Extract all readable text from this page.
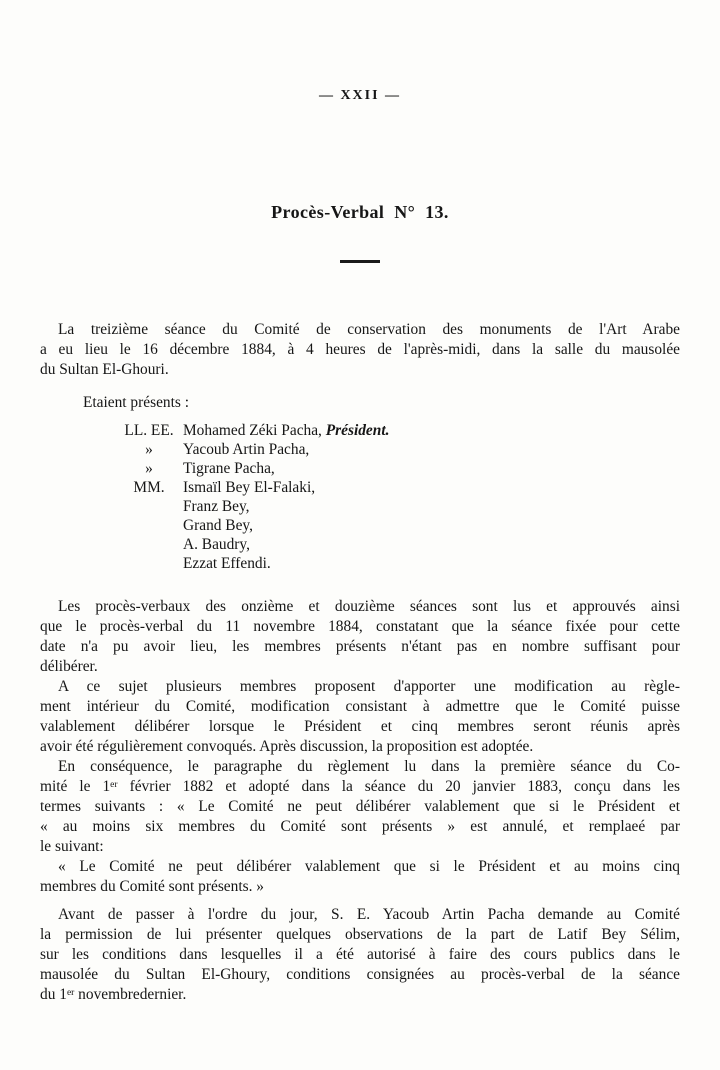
— XXII —
Procès-Verbal N° 13.
La treizième séance du Comité de conservation des monuments de l'Art Arabe
a eu lieu le 16 décembre 1884, à 4 heures de l'après-midi, dans la salle du mausolée
du Sultan El-Ghouri.
Etaient présents :
LL. EE. Mohamed Zéki Pacha, Président.
»	Yacoub Artin Pacha,
»	Tigrane Pacha,
MM.	Ismaïl Bey El-Falaki,
Franz Bey,
Grand Bey,
A. Baudry,
Ezzat Effendi.
Les procès-verbaux des onzième et douzième séances sont lus et approuvés ainsi
que le procès-verbal du 11 novembre 1884, constatant que la séance fixée pour cette
date n'a pu avoir lieu, les membres présents n'étant pas en nombre suffisant pour
délibérer.
A ce sujet plusieurs membres proposent d'apporter une modification au règle-
ment intérieur du Comité, modification consistant à admettre que le Comité puisse
valablement délibérer lorsque le Président et cinq membres seront réunis après
avoir été régulièrement convoqués. Après discussion, la proposition est adoptée.
En conséquence, le paragraphe du règlement lu dans la première séance du Co-
mité le 1er février 1882 et adopté dans la séance du 20 janvier 1883, conçu dans les
termes suivants : « Le Comité ne peut délibérer valablement que si le Président et
« au moins six membres du Comité sont présents » est annulé, et remplaeé par
le suivant:
« Le Comité ne peut délibérer valablement que si le Président et au moins cinq
membres du Comité sont présents. »
Avant de passer à l'ordre du jour, S. E. Yacoub Artin Pacha demande au Comité
la permission de lui présenter quelques observations de la part de Latif Bey Sélim,
sur les conditions dans lesquelles il a été autorisé à faire des cours publics dans le
mausolée du Sultan El-Ghoury, conditions consignées au procès-verbal de la séance
du 1er novembredernier.
